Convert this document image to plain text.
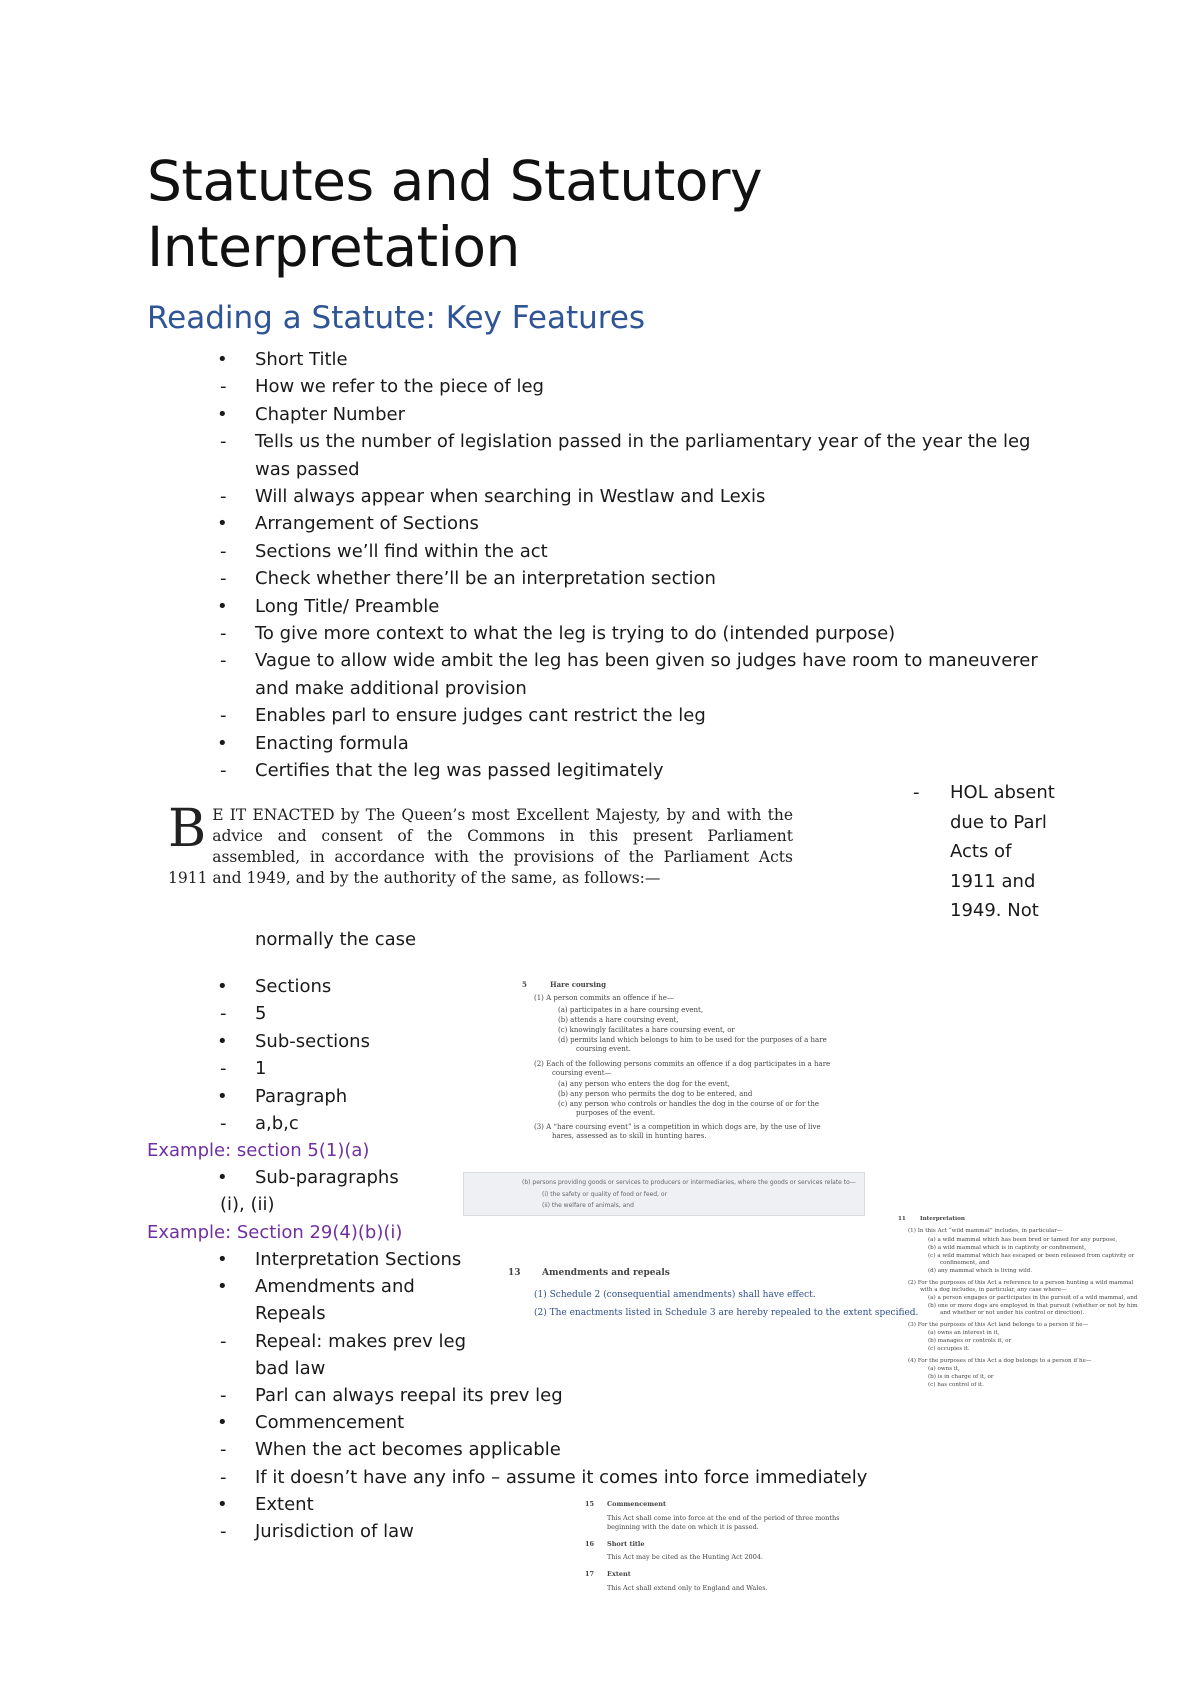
Statutes and Statutory
Interpretation
Reading a Statute: Key Features
• Short Title
- How we refer to the piece of leg
• Chapter Number
- Tells us the number of legislation passed in the parliamentary year of the year the leg
was passed
- Will always appear when searching in Westlaw and Lexis
• Arrangement of Sections
- Sections we’ll find within the act
- Check whether there’ll be an interpretation section
• Long Title/ Preamble
- To give more context to what the leg is trying to do (intended purpose)
- Vague to allow wide ambit the leg has been given so judges have room to maneuverer
and make additional provision
- Enables parl to ensure judges cant restrict the leg
• Enacting formula
- Certifies that the leg was passed legitimately
- HOL absent
due to Parl
Acts of
1911 and
1949. Not
B E IT ENACTED by The Queen’s most Excellent Majesty, by and with the advice and consent of the Commons in this present Parliament assembled, in accordance with the provisions of the Parliament Acts 1911 and 1949, and by the authority of the same, as follows:—
normally the case
• Sections
- 5
• Sub-sections
- 1
• Paragraph
- a,b,c
Example: section 5(1)(a)
• Sub-paragraphs
(i), (ii)
Example: Section 29(4)(b)(i)
• Interpretation Sections
• Amendments and
Repeals
- Repeal: makes prev leg
bad law
- Parl can always reepal its prev leg
• Commencement
- When the act becomes applicable
- If it doesn’t have any info – assume it comes into force immediately
• Extent
- Jurisdiction of law
5	Hare coursing
(1) A person commits an offence if he—
(a) participates in a hare coursing event,
(b) attends a hare coursing event,
(c) knowingly facilitates a hare coursing event, or
(d) permits land which belongs to him to be used for the purposes of a hare
coursing event.
(2) Each of the following persons commits an offence if a dog participates in a hare
coursing event—
(a) any person who enters the dog for the event,
(b) any person who permits the dog to be entered, and
(c) any person who controls or handles the dog in the course of or for the
purposes of the event.
(3) A “hare coursing event” is a competition in which dogs are, by the use of live
hares, assessed as to skill in hunting hares.
(b) persons providing goods or services to producers or intermediaries, where the goods or services relate to—
(i) the safety or quality of food or feed, or
(ii) the welfare of animals, and
13 Amendments and repeals
(1) Schedule 2 (consequential amendments) shall have effect.
(2) The enactments listed in Schedule 3 are hereby repealed to the extent specified.
11	Interpretation
(1) In this Act “wild mammal” includes, in particular—
(a) a wild mammal which has been bred or tamed for any purpose,
(b) a wild mammal which is in captivity or confinement,
(c) a wild mammal which has escaped or been released from captivity or
confinement, and
(d) any mammal which is living wild.
(2) For the purposes of this Act a reference to a person hunting a wild mammal
with a dog includes, in particular, any case where—
(a) a person engages or participates in the pursuit of a wild mammal, and
(b) one or more dogs are employed in that pursuit (whether or not by him
and whether or not under his control or direction).
(3) For the purposes of this Act land belongs to a person if he—
(a) owns an interest in it,
(b) manages or controls it, or
(c) occupies it.
(4) For the purposes of this Act a dog belongs to a person if he—
(a) owns it,
(b) is in charge of it, or
(c) has control of it.
15 Commencement
This Act shall come into force at the end of the period of three months
beginning with the date on which it is passed.
16 Short title
This Act may be cited as the Hunting Act 2004.
17 Extent
This Act shall extend only to England and Wales.
